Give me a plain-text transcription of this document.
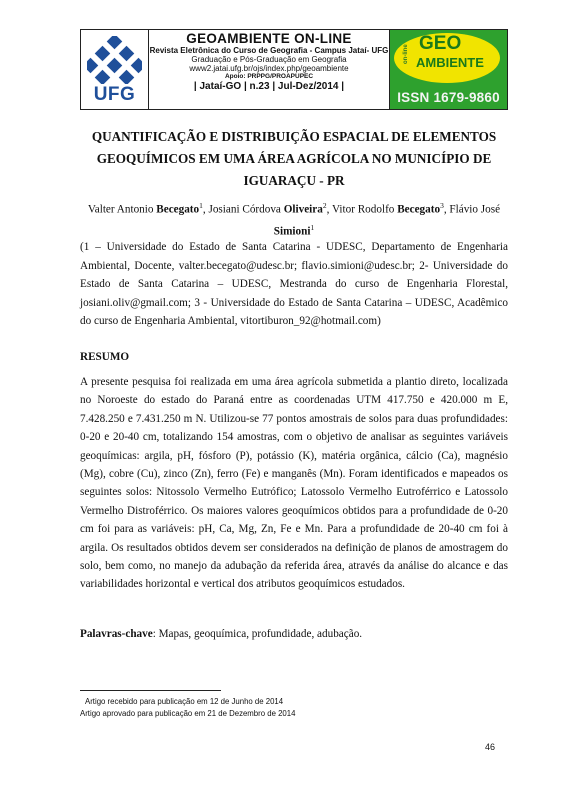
UFG
GEOAMBIENTE ON-LINE
Revista Eletrônica do Curso de Geografia - Campus Jataí- UFG
Graduação e Pós-Graduação em Geografia
www2.jatai.ufg.br/ojs/index.php/geoambiente
Apoio: PRPPG/PROAPUPEC
| Jataí-GO | n.23 | Jul-Dez/2014 |
on-line
GEO
AMBIENTE
ISSN 1679-9860
QUANTIFICAÇÃO E DISTRIBUIÇÃO ESPACIAL DE ELEMENTOS
GEOQUÍMICOS EM UMA ÁREA AGRÍCOLA NO MUNICÍPIO DE
IGUARAÇU - PR
Valter Antonio Becegato$^1$, Josiani Córdova Oliveira$^2$, Vitor Rodolfo Becegato$^3$, Flávio José Simioni$^1$
(1 – Universidade do Estado de Santa Catarina - UDESC, Departamento de Engenharia Ambiental, Docente, valter.becegato@udesc.br; flavio.simioni@udesc.br; 2- Universidade do Estado de Santa Catarina – UDESC, Mestranda do curso de Engenharia Florestal, josiani.oliv@gmail.com; 3 - Universidade do Estado de Santa Catarina – UDESC, Acadêmico do curso de Engenharia Ambiental, vitortiburon_92@hotmail.com)
RESUMO
A presente pesquisa foi realizada em uma área agrícola submetida a plantio direto, localizada no Noroeste do estado do Paraná entre as coordenadas UTM 417.750 e 420.000 m E, 7.428.250 e 7.431.250 m N. Utilizou-se 77 pontos amostrais de solos para duas profundidades: 0-20 e 20-40 cm, totalizando 154 amostras, com o objetivo de analisar as seguintes variáveis geoquímicas: argila, pH, fósforo (P), potássio (K), matéria orgânica, cálcio (Ca), magnésio (Mg), cobre (Cu), zinco (Zn), ferro (Fe) e manganês (Mn). Foram identificados e mapeados os seguintes solos: Nitossolo Vermelho Eutrófico; Latossolo Vermelho Eutroférrico e Latossolo Vermelho Distroférrico. Os maiores valores geoquímicos obtidos para a profundidade de 0-20 cm foi para as variáveis: pH, Ca, Mg, Zn, Fe e Mn. Para a profundidade de 20-40 cm foi à argila. Os resultados obtidos devem ser considerados na definição de planos de amostragem do solo, bem como, no manejo da adubação da referida área, através da análise do alcance e das variabilidades horizontal e vertical dos atributos geoquímicos estudados.
Palavras-chave: Mapas, geoquímica, profundidade, adubação.
Artigo recebido para publicação em 12 de Junho de 2014
Artigo aprovado para publicação em 21 de Dezembro de 2014
46
